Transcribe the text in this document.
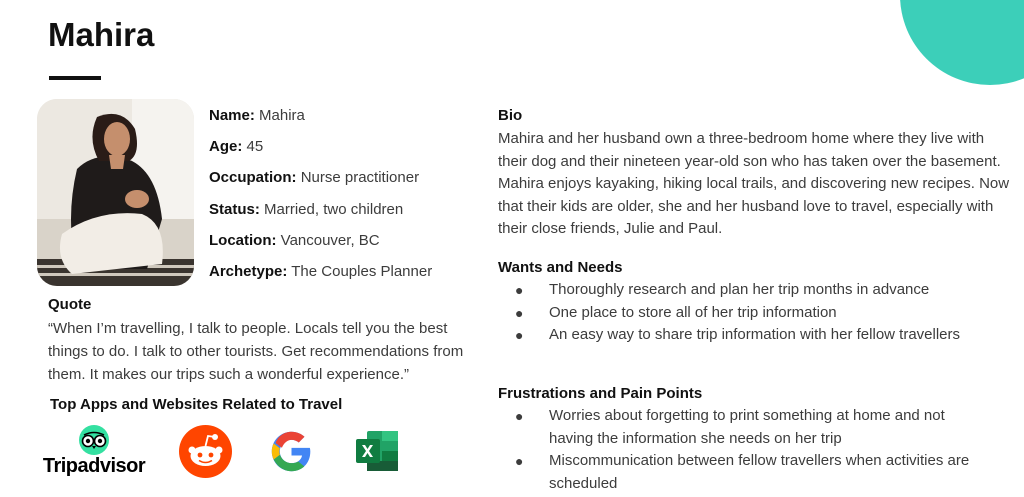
Mahira
Name: Mahira
Age: 45
Occupation: Nurse practitioner
Status: Married, two children
Location: Vancouver, BC
Archetype: The Couples Planner
Quote
“When I’m travelling, I talk to people. Locals tell you the best things to do. I talk to other tourists. Get recommendations from them. It makes our trips such a wonderful experience.”
Top Apps and Websites Related to Travel
Tripadvisor
Bio
Mahira and her husband own a three-bedroom home where they live with their dog and their nineteen year-old son who has taken over the basement. Mahira enjoys kayaking, hiking local trails, and discovering new recipes. Now that their kids are older, she and her husband love to travel, especially with their close friends, Julie and Paul.
Wants and Needs
● Thoroughly research and plan her trip months in advance
● One place to store all of her trip information
● An easy way to share trip information with her fellow travellers
Frustrations and Pain Points
● Worries about forgetting to print something at home and not having the information she needs on her trip
● Miscommunication between fellow travellers when activities are scheduled
